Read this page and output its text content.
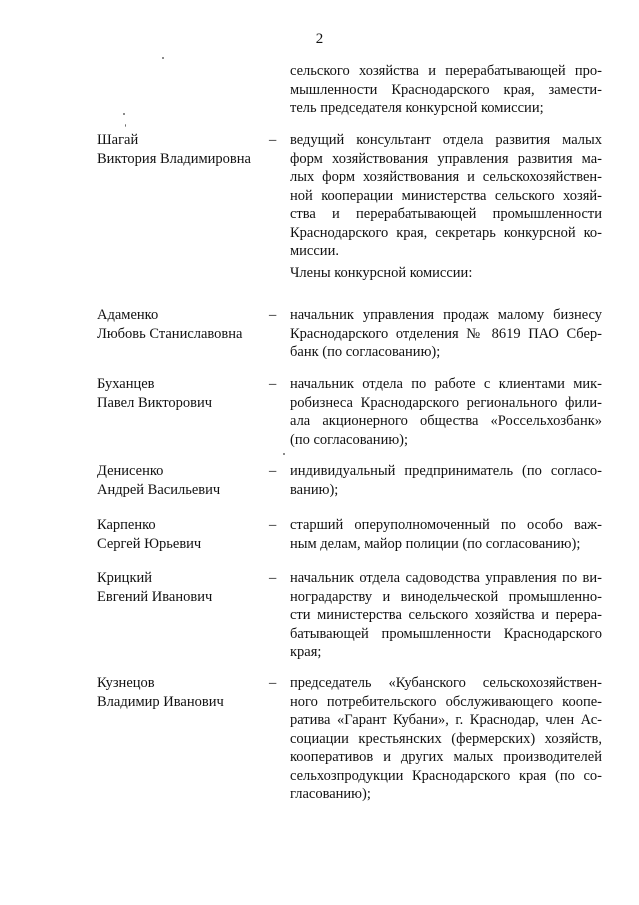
2
сельского хозяйства и перерабатывающей про-
мышленности Краснодарского края, замести-
тель председателя конкурсной комиссии;
Шагай
Виктория Владимировна
– ведущий консультант отдела развития малых
форм хозяйствования управления развития ма-
лых форм хозяйствования и сельскохозяйствен-
ной кооперации министерства сельского хозяй-
ства и перерабатывающей промышленности
Краснодарского края, секретарь конкурсной ко-
миссии.
Члены конкурсной комиссии:
Адаменко
Любовь Станиславовна
– начальник управления продаж малому бизнесу
Краснодарского отделения № 8619 ПАО Сбер-
банк (по согласованию);
Буханцев
Павел Викторович
– начальник отдела по работе с клиентами мик-
робизнеса Краснодарского регионального фили-
ала акционерного общества «Россельхозбанк»
(по согласованию);
Денисенко
Андрей Васильевич
– индивидуальный предприниматель (по согласо-
ванию);
Карпенко
Сергей Юрьевич
– старший оперуполномоченный по особо важ-
ным делам, майор полиции (по согласованию);
Крицкий
Евгений Иванович
– начальник отдела садоводства управления по ви-
ноградарству и винодельческой промышленно-
сти министерства сельского хозяйства и перера-
батывающей промышленности Краснодарского
края;
Кузнецов
Владимир Иванович
– председатель «Кубанского сельскохозяйствен-
ного потребительского обслуживающего коопе-
ратива «Гарант Кубани», г. Краснодар, член Ас-
социации крестьянских (фермерских) хозяйств,
кооперативов и других малых производителей
сельхозпродукции Краснодарского края (по со-
гласованию);
